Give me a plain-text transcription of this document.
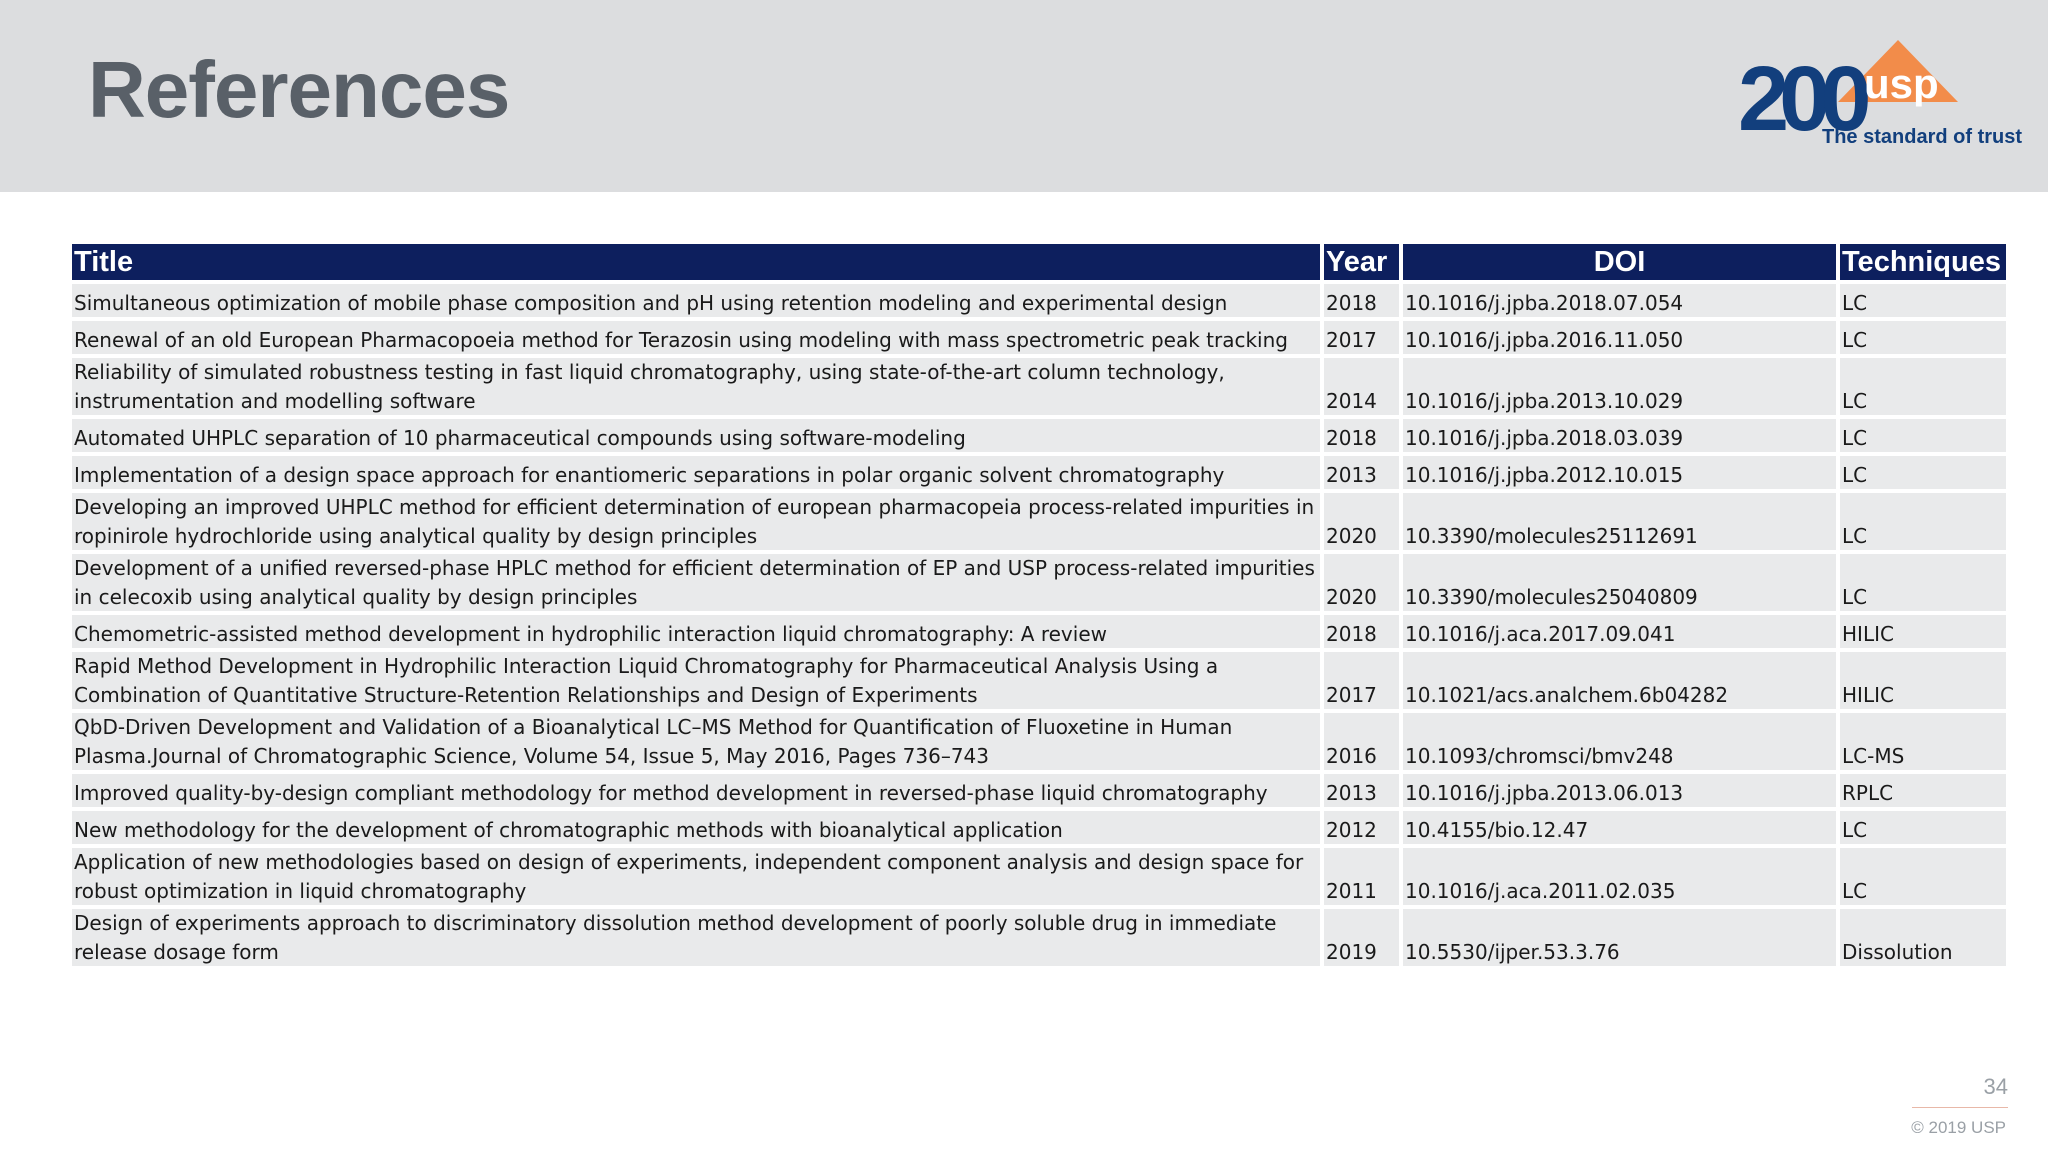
References	200 usp
The standard of trust
Title	Year	DOI	Techniques
Simultaneous optimization of mobile phase composition and pH using retention modeling and experimental design	2018	10.1016/j.jpba.2018.07.054	LC
Renewal of an old European Pharmacopoeia method for Terazosin using modeling with mass spectrometric peak tracking	2017	10.1016/j.jpba.2016.11.050	LC
Reliability of simulated robustness testing in fast liquid chromatography, using state-of-the-art column technology, instrumentation and modelling software	2014	10.1016/j.jpba.2013.10.029	LC
Automated UHPLC separation of 10 pharmaceutical compounds using software-modeling	2018	10.1016/j.jpba.2018.03.039	LC
Implementation of a design space approach for enantiomeric separations in polar organic solvent chromatography	2013	10.1016/j.jpba.2012.10.015	LC
Developing an improved UHPLC method for efficient determination of european pharmacopeia process-related impurities in ropinirole hydrochloride using analytical quality by design principles	2020	10.3390/molecules25112691	LC
Development of a unified reversed-phase HPLC method for efficient determination of EP and USP process-related impurities in celecoxib using analytical quality by design principles	2020	10.3390/molecules25040809	LC
Chemometric-assisted method development in hydrophilic interaction liquid chromatography: A review	2018	10.1016/j.aca.2017.09.041	HILIC
Rapid Method Development in Hydrophilic Interaction Liquid Chromatography for Pharmaceutical Analysis Using a Combination of Quantitative Structure-Retention Relationships and Design of Experiments	2017	10.1021/acs.analchem.6b04282	HILIC
QbD-Driven Development and Validation of a Bioanalytical LC–MS Method for Quantification of Fluoxetine in Human Plasma.Journal of Chromatographic Science, Volume 54, Issue 5, May 2016, Pages 736–743	2016	10.1093/chromsci/bmv248	LC-MS
Improved quality-by-design compliant methodology for method development in reversed-phase liquid chromatography	2013	10.1016/j.jpba.2013.06.013	RPLC
New methodology for the development of chromatographic methods with bioanalytical application	2012	10.4155/bio.12.47	LC
Application of new methodologies based on design of experiments, independent component analysis and design space for robust optimization in liquid chromatography	2011	10.1016/j.aca.2011.02.035	LC
Design of experiments approach to discriminatory dissolution method development of poorly soluble drug in immediate release dosage form	2019	10.5530/ijper.53.3.76	Dissolution
34
© 2019 USP
